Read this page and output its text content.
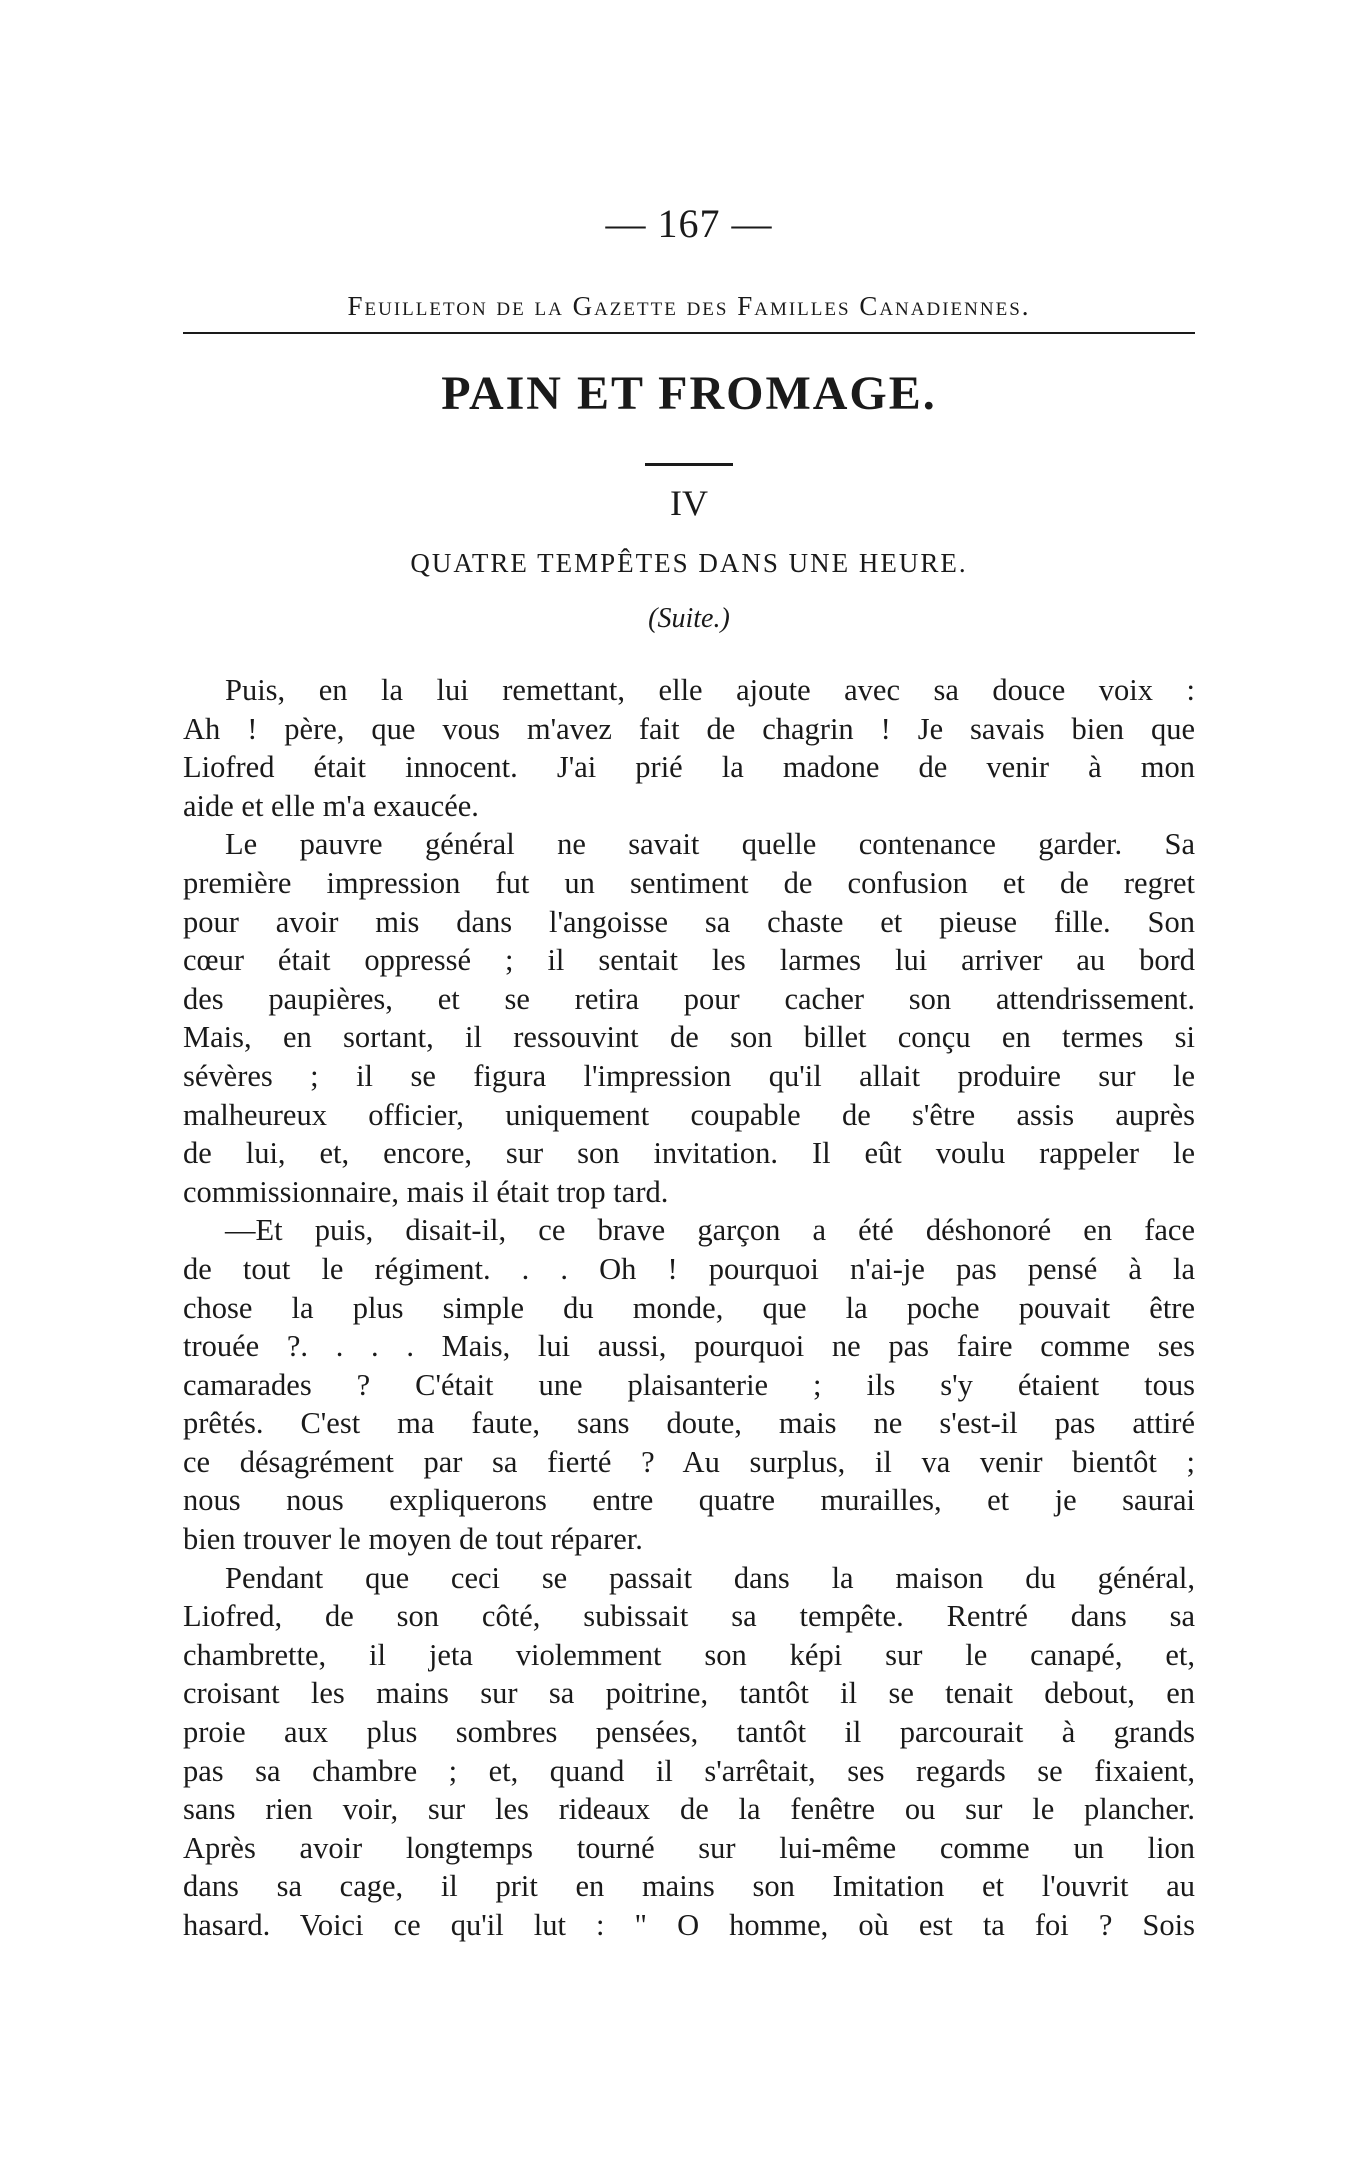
— 167 —
Feuilleton de la Gazette des Familles Canadiennes.
PAIN ET FROMAGE.
IV
QUATRE TEMPÊTES DANS UNE HEURE.
(Suite.)
Puis, en la lui remettant, elle ajoute avec sa douce voix :
Ah ! père, que vous m'avez fait de chagrin ! Je savais bien que
Liofred était innocent. J'ai prié la madone de venir à mon
aide et elle m'a exaucée.
Le pauvre général ne savait quelle contenance garder. Sa
première impression fut un sentiment de confusion et de regret
pour avoir mis dans l'angoisse sa chaste et pieuse fille. Son
cœur était oppressé ; il sentait les larmes lui arriver au bord
des paupières, et se retira pour cacher son attendrissement.
Mais, en sortant, il ressouvint de son billet conçu en termes si
sévères ; il se figura l'impression qu'il allait produire sur le
malheureux officier, uniquement coupable de s'être assis auprès
de lui, et, encore, sur son invitation. Il eût voulu rappeler le
commissionnaire, mais il était trop tard.
—Et puis, disait-il, ce brave garçon a été déshonoré en face
de tout le régiment. . . Oh ! pourquoi n'ai-je pas pensé à la
chose la plus simple du monde, que la poche pouvait être
trouée ?. . . . Mais, lui aussi, pourquoi ne pas faire comme ses
camarades ? C'était une plaisanterie ; ils s'y étaient tous
prêtés. C'est ma faute, sans doute, mais ne s'est-il pas attiré
ce désagrément par sa fierté ? Au surplus, il va venir bientôt ;
nous nous expliquerons entre quatre murailles, et je saurai
bien trouver le moyen de tout réparer.
Pendant que ceci se passait dans la maison du général,
Liofred, de son côté, subissait sa tempête. Rentré dans sa
chambrette, il jeta violemment son képi sur le canapé, et,
croisant les mains sur sa poitrine, tantôt il se tenait debout, en
proie aux plus sombres pensées, tantôt il parcourait à grands
pas sa chambre ; et, quand il s'arrêtait, ses regards se fixaient,
sans rien voir, sur les rideaux de la fenêtre ou sur le plancher.
Après avoir longtemps tourné sur lui-même comme un lion
dans sa cage, il prit en mains son Imitation et l'ouvrit au
hasard. Voici ce qu'il lut : " O homme, où est ta foi ? Sois
